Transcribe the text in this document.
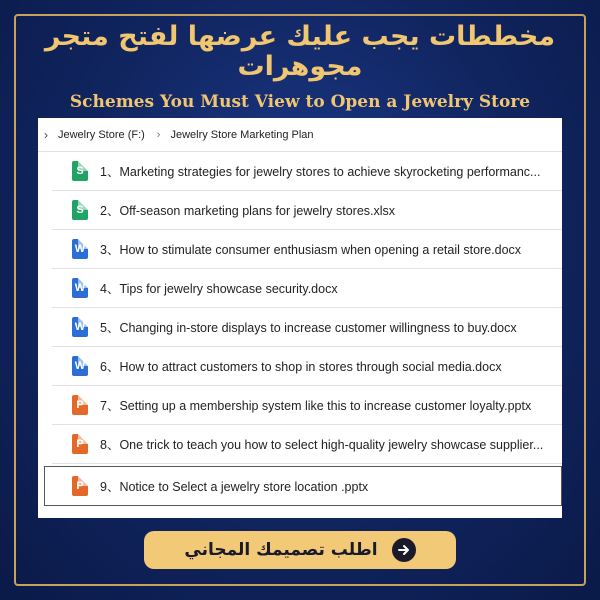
مخططات يجب عليك عرضها لفتح متجر مجوهرات
Schemes You Must View to Open a Jewelry Store
› Jewelry Store (F:)	› Jewelry Store Marketing Plan
S	1、Marketing strategies for jewelry stores to achieve skyrocketing performanc...
S	2、Off-season marketing plans for jewelry stores.xlsx
W 3、How to stimulate consumer enthusiasm when opening a retail store.docx
W 4、Tips for jewelry showcase security.docx
W 5、Changing in-store displays to increase customer willingness to buy.docx
W 6、How to attract customers to shop in stores through social media.docx
P	7、Setting up a membership system like this to increase customer loyalty.pptx
P	8、One trick to teach you how to select high-quality jewelry showcase supplier...
P	9、Notice to Select a jewelry store location .pptx
اطلب تصميمك المجاني
